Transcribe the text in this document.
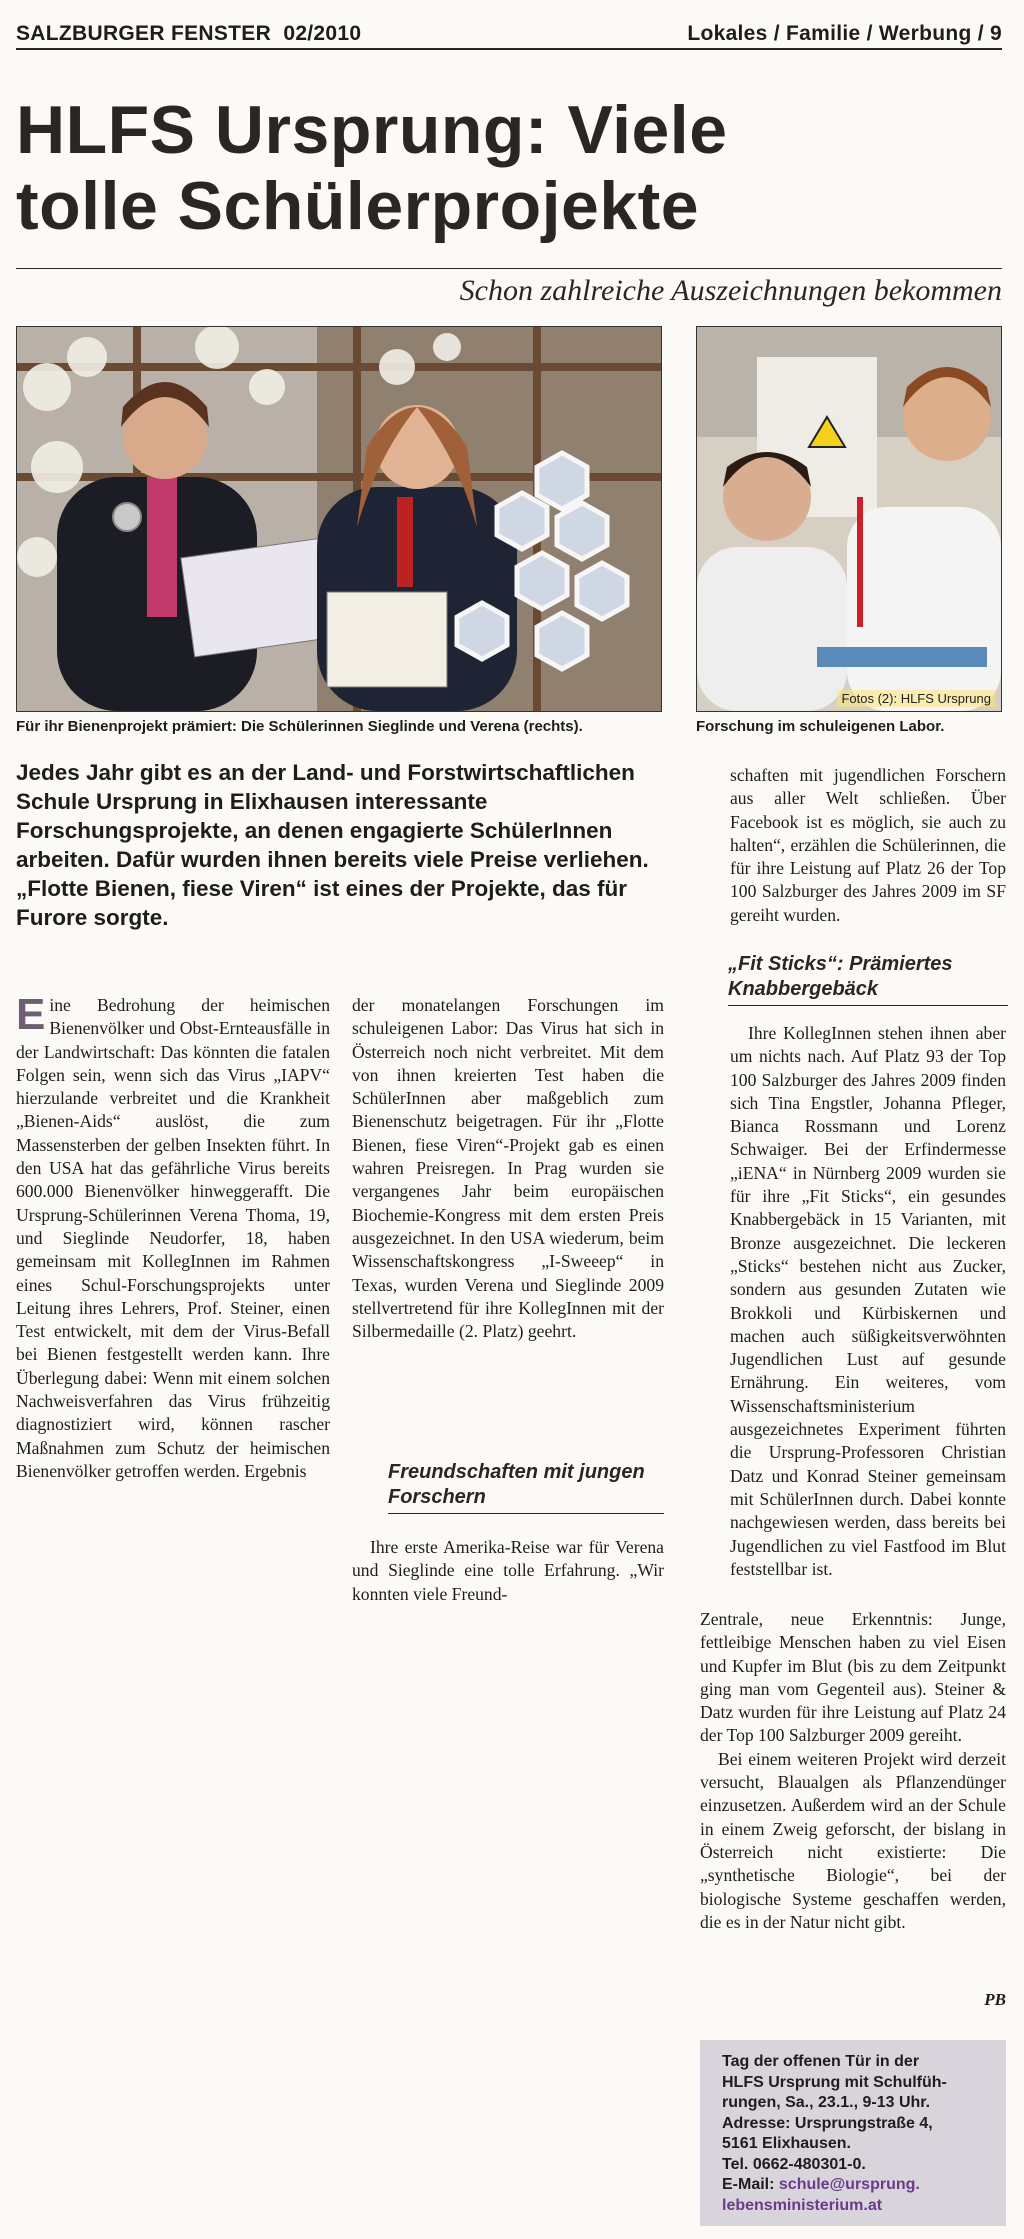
SALZBURGER FENSTER  02/2010	Lokales / Familie / Werbung / 9
HLFS Ursprung: Viele
tolle Schülerprojekte
Schon zahlreiche Auszeichnungen bekommen
Fotos (2): HLFS Ursprung
Für ihr Bienenprojekt prämiert: Die Schülerinnen Sieglinde und Verena (rechts).	Forschung im schuleigenen Labor.

Jedes Jahr gibt es an der Land- und Forstwirtschaftlichen Schule Ursprung in Elixhausen interessante Forschungsprojekte, an denen engagierte SchülerInnen arbeiten. Dafür wurden ihnen bereits viele Preise verliehen. „Flotte Bienen, fiese Viren“ ist eines der Projekte, das für Furore sorgte.

Eine Bedrohung der heimischen Bienenvölker und Obst-Ernteausfälle in der Landwirtschaft: Das könnten die fatalen Folgen sein, wenn sich das Virus „IAPV“ hierzulande verbreitet und die Krankheit „Bienen-Aids“ auslöst, die zum Massensterben der gelben Insekten führt. In den USA hat das gefährliche Virus bereits 600.000 Bienenvölker hinweggerafft. Die Ursprung-Schülerinnen Verena Thoma, 19, und Sieglinde Neudorfer, 18, haben gemeinsam mit KollegInnen im Rahmen eines Schul-Forschungsprojekts unter Leitung ihres Lehrers, Prof. Steiner, einen Test entwickelt, mit dem der Virus-Befall bei Bienen festgestellt werden kann. Ihre Überlegung dabei: Wenn mit einem solchen Nachweisverfahren das Virus frühzeitig diagnostiziert wird, können rascher Maßnahmen zum Schutz der heimischen Bienenvölker getroffen werden. Ergebnis

der monatelangen Forschungen im schuleigenen Labor: Das Virus hat sich in Österreich noch nicht verbreitet. Mit dem von ihnen kreierten Test haben die SchülerInnen aber maßgeblich zum Bienenschutz beigetragen. Für ihr „Flotte Bienen, fiese Viren“-Projekt gab es einen wahren Preisregen. In Prag wurden sie vergangenes Jahr beim europäischen Biochemie-Kongress mit dem ersten Preis ausgezeichnet. In den USA wiederum, beim Wissenschaftskongress „I-Sweeep“ in Texas, wurden Verena und Sieglinde 2009 stellvertretend für ihre KollegInnen mit der Silbermedaille (2. Platz) geehrt.

Freundschaften mit jungen Forschern

Ihre erste Amerika-Reise war für Verena und Sieglinde eine tolle Erfahrung. „Wir konnten viele Freund-

schaften mit jugendlichen Forschern aus aller Welt schließen. Über Facebook ist es möglich, sie auch zu halten“, erzählen die Schülerinnen, die für ihre Leistung auf Platz 26 der Top 100 Salzburger des Jahres 2009 im SF gereiht wurden.

„Fit Sticks“: Prämiertes Knabbergebäck

Ihre KollegInnen stehen ihnen aber um nichts nach. Auf Platz 93 der Top 100 Salzburger des Jahres 2009 finden sich Tina Engstler, Johanna Pfleger, Bianca Rossmann und Lorenz Schwaiger. Bei der Erfindermesse „iENA“ in Nürnberg 2009 wurden sie für ihre „Fit Sticks“, ein gesundes Knabbergebäck in 15 Varianten, mit Bronze ausgezeichnet. Die leckeren „Sticks“ bestehen nicht aus Zucker, sondern aus gesunden Zutaten wie Brokkoli und Kürbiskernen und machen auch süßigkeitsverwöhnten Jugendlichen Lust auf gesunde Ernährung. Ein weiteres, vom Wissenschaftsministerium ausgezeichnetes Experiment führten die Ursprung-Professoren Christian Datz und Konrad Steiner gemeinsam mit SchülerInnen durch. Dabei konnte nachgewiesen werden, dass bereits bei Jugendlichen zu viel Fastfood im Blut feststellbar ist.

Zentrale, neue Erkenntnis: Junge, fettleibige Menschen haben zu viel Eisen und Kupfer im Blut (bis zu dem Zeitpunkt ging man vom Gegenteil aus). Steiner & Datz wurden für ihre Leistung auf Platz 24 der Top 100 Salzburger 2009 gereiht.

Bei einem weiteren Projekt wird derzeit versucht, Blaualgen als Pflanzendünger einzusetzen. Außerdem wird an der Schule in einem Zweig geforscht, der bislang in Österreich nicht existierte: Die „synthetische Biologie“, bei der biologische Systeme geschaffen werden, die es in der Natur nicht gibt.

PB
Tag der offenen Tür in der
HLFS Ursprung mit Schulfüh-
rungen, Sa., 23.1., 9-13 Uhr.
Adresse: Ursprungstraße 4,
5161 Elixhausen.
Tel. 0662-480301-0.
E-Mail: schule@ursprung.
lebensministerium.at
